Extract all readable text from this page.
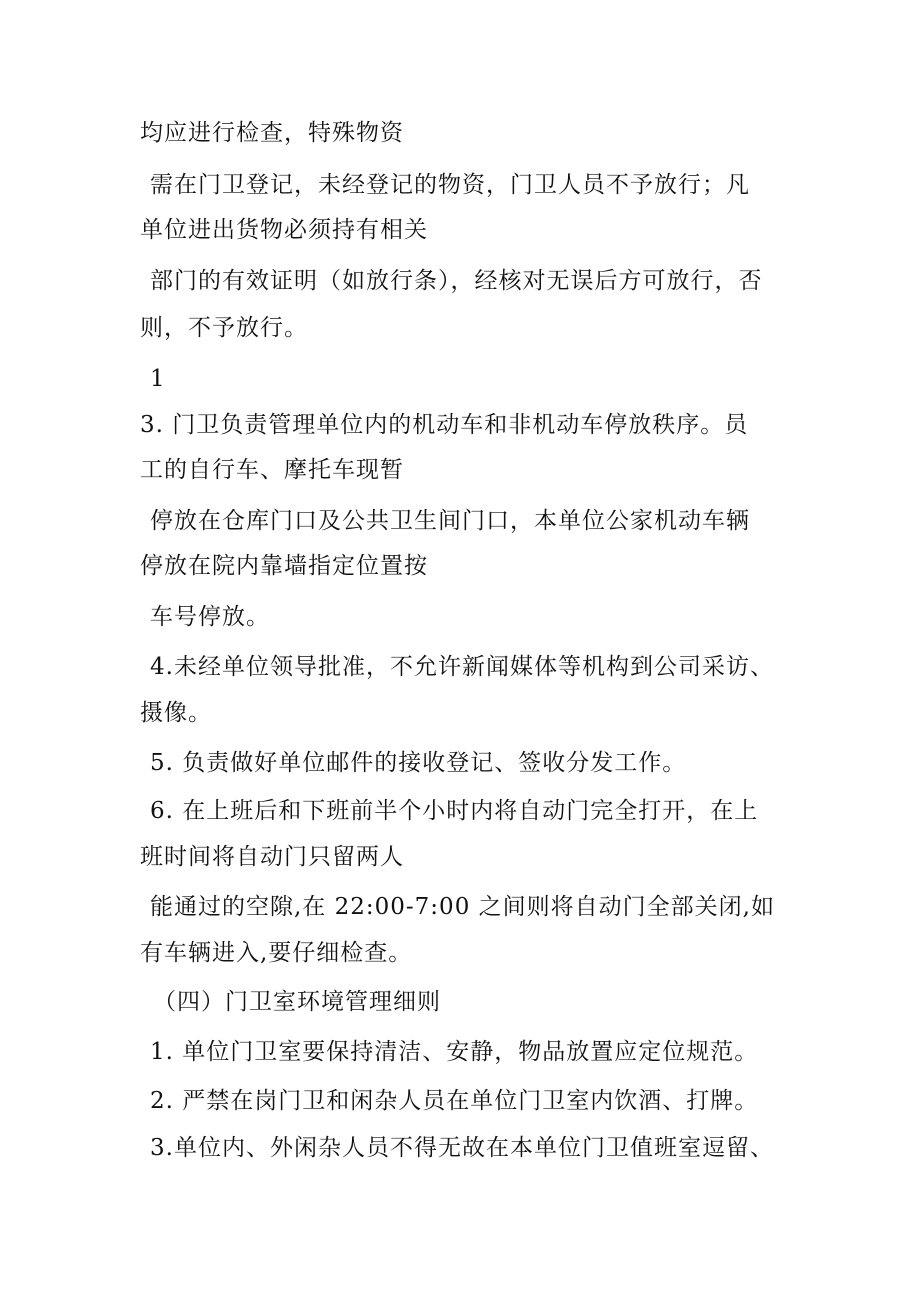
均应进行检查，特殊物资
需在门卫登记，未经登记的物资，门卫人员不予放行；凡
单位进出货物必须持有相关
部门的有效证明（如放行条），经核对无误后方可放行，否
则，不予放行。
1
3. 门卫负责管理单位内的机动车和非机动车停放秩序。员
工的自行车、摩托车现暂
停放在仓库门口及公共卫生间门口，本单位公家机动车辆
停放在院内靠墙指定位置按
车号停放。
4.未经单位领导批准，不允许新闻媒体等机构到公司采访、
摄像。
5. 负责做好单位邮件的接收登记、签收分发工作。
6. 在上班后和下班前半个小时内将自动门完全打开，在上
班时间将自动门只留两人
能通过的空隙,在 22:00-7:00 之间则将自动门全部关闭,如
有车辆进入,要仔细检查。
（四）门卫室环境管理细则
1. 单位门卫室要保持清洁、安静，物品放置应定位规范。
2. 严禁在岗门卫和闲杂人员在单位门卫室内饮酒、打牌。
3.单位内、外闲杂人员不得无故在本单位门卫值班室逗留、
